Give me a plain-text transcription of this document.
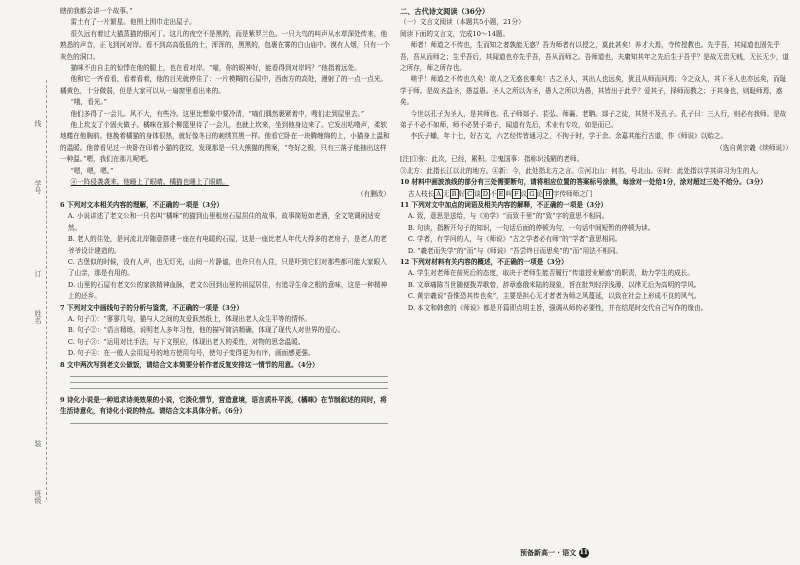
线
学号
订
姓名
装
班级

瞎前我都会讲一个故事。”

雷土有了一片繁星。他围上围巾走出屋子。

很久远有着过大猫蒸猫的银河丁。这儿的夜空不是黑的，而是紫罗兰色。一只大鸟的叫声从水草深处传来，他熟悉的声音，正飞到河对岸。看不到高高低低的土，浑浑的，黑黑的，包裹在雾的白山庙中。漠有人烟，只有一个灰色的洞口。

猫咪不由自主的惊悸在他的腿上，也在看对岸。“喵，你的眼神好，能看得到对岸吗？”他指着远处。

他和它一齐看看，看着看着，他的目光就停住了：一片模糊的石屋中，西南方的高处，漫射了的一点一点光。橘黄色，十分微弱，但是大家可以从一扇窗里看出来的。

“哦，看光。”

他们多得了一会儿。风不大，有些冷。这里比想象中要冷清，“喵们偶然裹紧着中，嗖们走到屋里去。”

他上坎支了个固火做子。橘咪在那个柳篮里待了一会儿，也就上坎来，坐到他身边来了。它发出咕噜声，柔软地蜷在他胸前。他挽着橘猫的身体很热，就好像冬日的刺绣冥黑一样。他看它卧在一块腾缠绵的上，小猫身上温和的温暖。他曾看见过一块卧在印着小猫的花纹，发现那是一只大熊猫的图案，“夸好之极，只有三落子能抽出这样一种温。”嗯，我们在那儿呢吧。

“嗯，嗯，嗯。”

④一阵侵袭袭来。他睡上了眼睛。橘猫也睡上了眼睛。

（有删改）

6 下列对文本相关内容的理解，不正确的一项是（3分）

A. 小说讲述了老文公和一只名叫“橘咪”的猫到山里租房石屋居住的故事，故事简短如老酒，全文笔调闲适安然。

B. 老人的住处，是河流北岸随意搭建一座在有电暖的石屋，这是一座比老人年代大得多的老房子，是老人的老爷爷设计建造的。

C. 古堡似的时候，没有人声，也无灯光，山间一片静谧，也许只有人住，只是吓到它们对那些都可能大家眼入了山亲，那是有用的。

D. 山里的石屋有老文公的家族精神血脉，老文公回到山里的祖屋居住，有追寻生命之根的意味，这是一种精神上的还乡。

7 下列对文中画线句子的分析与鉴赏，不正确的一项是（3分）

A. 句子①：“寥寥几句，猫与人之间的友爱跃然纸上，体现出老人众生平等的情怀。

B. 句子②：“语言精练，说明老人多年习性，他的描写简洁精确，体现了现代人对世界的爱心。

C. 句子③：“运用对比手法，与下文照应，体现出老人的柔性，对物的思念温暖。

D. 句子④：在一般人会用逗号的地方使用句号，使句子变得更为有序，画面感更强。

8 文中两次写到老文公做饭，请结合文本简要分析作者反复安排这一情节的用意。（4分）

9 诗化小说是一种追求诗美效果的小说，它淡化情节，营造意境，语言质朴平淡，《橘咪》在节制叙述的同时，将生活诗意化，有诗化小说的特点。请结合文本具体分析。（6分）

二、古代诗文阅读（36分）

（一）文言文阅读（本题共5小题，21分）

阅读下面的文言文，完成10～14题。

师者！师道之不传也，生而知之者孰能无惑？吾为师者有以授之，莫此甚矣！养才大焉，寺传授教也。先乎吾，其闻道也固先乎吾，吾从而师之；生乎吾后，其闻道也亦先乎吾，吾从而师之。吾师道也，夫庸知其年之先后生于吾乎？是故无贵无贱，无长无少，道之所存，师之所存也。

嗟乎！师道之不传也久矣！欲人之无惑也难矣！古之圣人，其出人也远矣，犹且从师而问焉；今之众人，其下圣人也亦远矣，而耻学于师。是故圣益圣，愚益愚。圣人之所以为圣，愚人之所以为愚，其皆出于此乎？爱其子，择师而教之；于其身也，则耻师焉，惑矣。

今世以孔子为圣人，是其师也。孔子师郯子、苌弘、师襄、老聃。郯子之徒，其贤不及孔子。孔子曰：三人行，则必有我师。是故弟子不必不如师，师不必贤于弟子，闻道有先后，术业有专攻，如是而已。

李氏子蟠，年十七，好古文，六艺经传皆通习之，不拘于时，学于余。余嘉其能行古道，作《师说》以贻之。

（选自黄宗羲《续师说》）

[注]①弥：此次，已经，累积。②鬼国事：指称识浅陋的老师。

③北方：此指长江以北的地方。④新：今，此处指北方之言。⑤河北山：何名，号北山。⑥时：此处指以学其讲习为生的人。

10 材料中画波浪线的部分有三处需要断句，请将相应位置的答案标号涂黑，每涂对一处给1分，涂对超过三处不给分。（3分）

古人枝长 A 无 B 好 C 谈 D 不 E 叫 F 议 G 论 H 宇传师师之门

11 下列对文中加点的词语及相关内容的解释，不正确的一项是（3分）

A. 致，意思是送给，与《劝学》“而致千里”的“致”字的意思不相同。

B. 句读，指断开句子的知识，一句话后面的停顿为句，一句话中间短暂的停顿为读。

C. 学者，有学问的人，与《师说》“古之学者必有师”的“学者”意思相同。

D. “羲老而失学”的“而”与《师说》“吾尝终日而思矣”的“而”用法不相同。

12 下列对材料有关内容的概述，不正确的一项是（3分）

A. 学生对老师在前死后的态度，取决于老师生能否履行“传道授业解惑”的职责，助力学生的成长。

B. 文章痛陈当世随便拨弄歌曾，辞章惑俄米陆的现象，旨在批判轻浮浅薄，以律无后为高明的学风。

C. 黄宗羲说“吾惟恐其传也矣”，主要是担心无才者者为师之风蔓延，以致在社会上形成不良的风气。

D. 本文和韩愈的《师说》都是开篇即点明主旨，强调从师的必要性，并在结尾时交代自己写作的缘由。

预备新高一 · 语文 11
